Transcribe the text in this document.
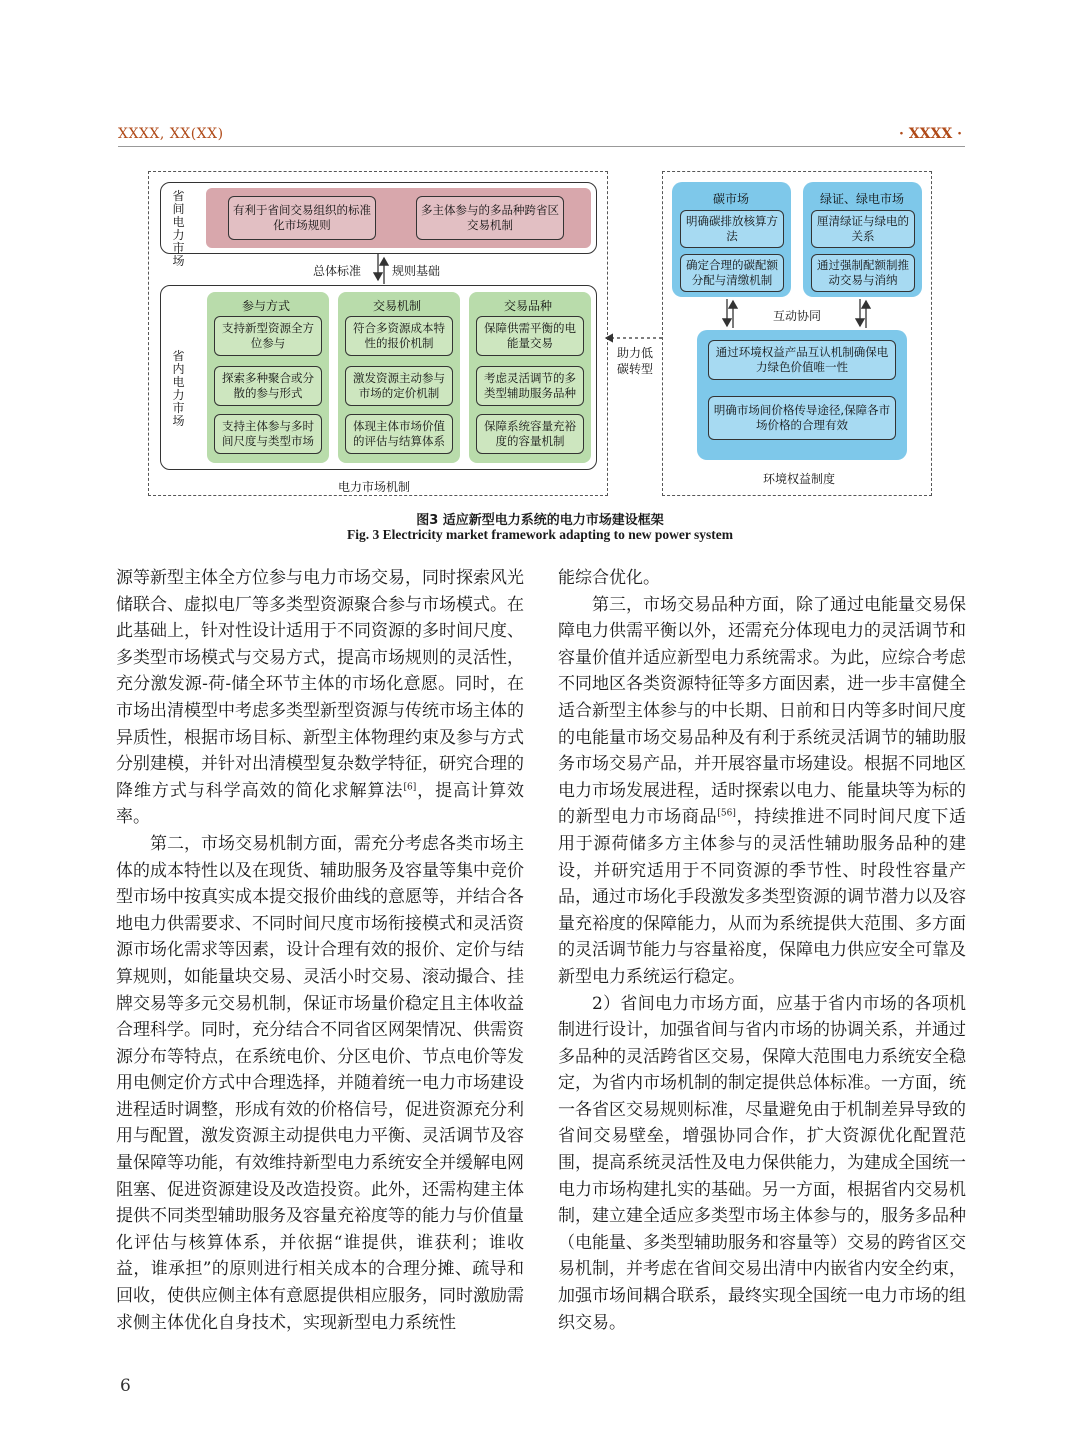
XXXX, XX(XX)	· XXXX ·
省间电力市场
有利于省间交易组织的标准化市场规则
多主体参与的多品种跨省区交易机制
总体标准	规则基础
省内电力市场
参与方式	交易机制	交易品种
支持新型资源全方位参与
探索多种聚合或分散的参与形式
支持主体参与多时间尺度与类型市场
符合多资源成本特性的报价机制
激发资源主动参与市场的定价机制
体现主体市场价值的评估与结算体系
保障供需平衡的电能量交易
考虑灵活调节的多类型辅助服务品种
保障系统容量充裕度的容量机制
电力市场机制
碳市场	绿证、绿电市场
明确碳排放核算方法
确定合理的碳配额分配与清缴机制
厘清绿证与绿电的关系
通过强制配额制推动交易与消纳
互动协同
通过环境权益产品互认机制确保电力绿色价值唯一性
明确市场间价格传导途径,保障各市场价格的合理有效
环境权益制度
助力低
碳转型
图3 适应新型电力系统的电力市场建设框架
Fig. 3 Electricity market framework adapting to new power system

源等新型主体全方位参与电力市场交易，同时探索风光储联合、虚拟电厂等多类型资源聚合参与市场模式。在此基础上，针对性设计适用于不同资源的多时间尺度、多类型市场模式与交易方式，提高市场规则的灵活性，充分激发源-荷-储全环节主体的市场化意愿。同时，在市场出清模型中考虑多类型新型资源与传统市场主体的异质性，根据市场目标、新型主体物理约束及参与方式分别建模，并针对出清模型复杂数学特征，研究合理的降维方式与科学高效的简化求解算法[6]，提高计算效率。

第二，市场交易机制方面，需充分考虑各类市场主体的成本特性以及在现货、辅助服务及容量等集中竞价型市场中按真实成本提交报价曲线的意愿等，并结合各地电力供需要求、不同时间尺度市场衔接模式和灵活资源市场化需求等因素，设计合理有效的报价、定价与结算规则，如能量块交易、灵活小时交易、滚动撮合、挂牌交易等多元交易机制，保证市场量价稳定且主体收益合理科学。同时，充分结合不同省区网架情况、供需资源分布等特点，在系统电价、分区电价、节点电价等发用电侧定价方式中合理选择，并随着统一电力市场建设进程适时调整，形成有效的价格信号，促进资源充分利用与配置，激发资源主动提供电力平衡、灵活调节及容量保障等功能，有效维持新型电力系统安全并缓解电网阻塞、促进资源建设及改造投资。此外，还需构建主体提供不同类型辅助服务及容量充裕度等的能力与价值量化评估与核算体系，并依据“谁提供，谁获利；谁收益，谁承担”的原则进行相关成本的合理分摊、疏导和回收，使供应侧主体有意愿提供相应服务，同时激励需求侧主体优化自身技术，实现新型电力系统性

能综合优化。

第三，市场交易品种方面，除了通过电能量交易保障电力供需平衡以外，还需充分体现电力的灵活调节和容量价值并适应新型电力系统需求。为此，应综合考虑不同地区各类资源特征等多方面因素，进一步丰富健全适合新型主体参与的中长期、日前和日内等多时间尺度的电能量市场交易品种及有利于系统灵活调节的辅助服务市场交易产品，并开展容量市场建设。根据不同地区电力市场发展进程，适时探索以电力、能量块等为标的的新型电力市场商品[56]，持续推进不同时间尺度下适用于源荷储多方主体参与的灵活性辅助服务品种的建设，并研究适用于不同资源的季节性、时段性容量产品，通过市场化手段激发多类型资源的调节潜力以及容量充裕度的保障能力，从而为系统提供大范围、多方面的灵活调节能力与容量裕度，保障电力供应安全可靠及新型电力系统运行稳定。

2）省间电力市场方面，应基于省内市场的各项机制进行设计，加强省间与省内市场的协调关系，并通过多品种的灵活跨省区交易，保障大范围电力系统安全稳定，为省内市场机制的制定提供总体标准。一方面，统一各省区交易规则标准，尽量避免由于机制差异导致的省间交易壁垒，增强协同合作，扩大资源优化配置范围，提高系统灵活性及电力保供能力，为建成全国统一电力市场构建扎实的基础。另一方面，根据省内交易机制，建立建全适应多类型市场主体参与的，服务多品种（电能量、多类型辅助服务和容量等）交易的跨省区交易机制，并考虑在省间交易出清中内嵌省内安全约束，加强市场间耦合联系，最终实现全国统一电力市场的组织交易。

6
